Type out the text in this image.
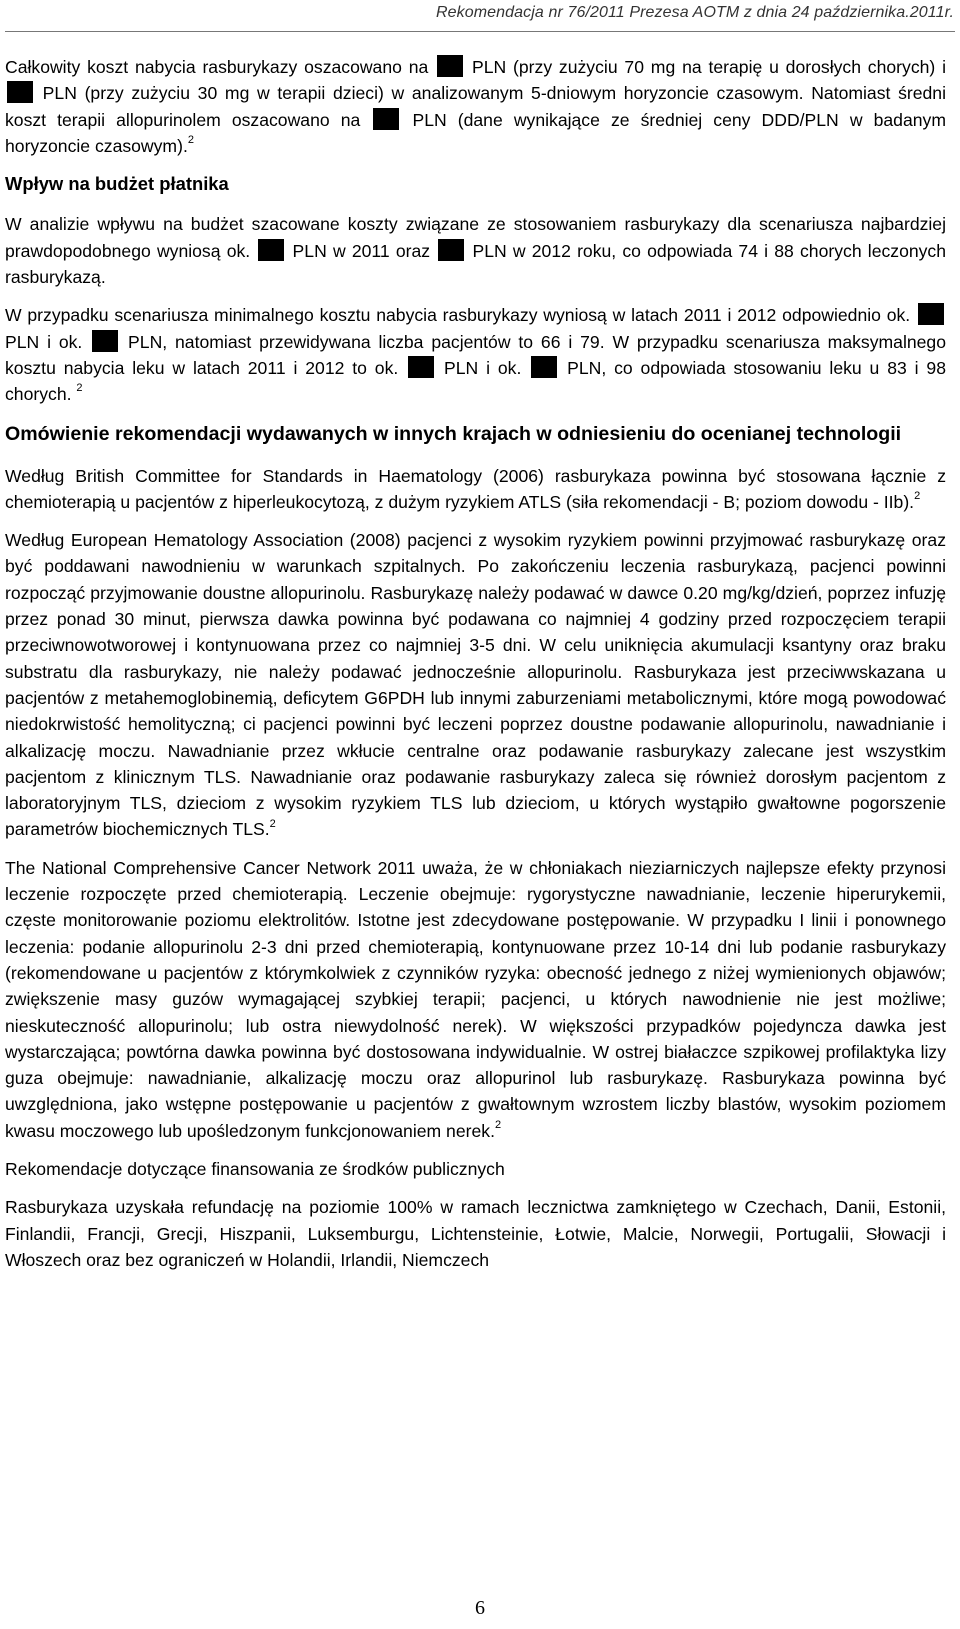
Rekomendacja nr 76/2011 Prezesa AOTM z dnia 24 października.2011r.

Całkowity koszt nabycia rasburykazy oszacowano na PLN (przy zużyciu 70 mg na terapię u dorosłych chorych) i  PLN (przy zużyciu 30 mg w terapii dzieci) w analizowanym 5-dniowym horyzoncie czasowym. Natomiast średni koszt terapii allopurinolem oszacowano na	PLN (dane wynikające ze średniej ceny DDD/PLN w badanym horyzoncie czasowym).$^2$

Wpływ na budżet płatnika

W analizie wpływu na budżet szacowane koszty związane ze stosowaniem rasburykazy dla scenariusza najbardziej prawdopodobnego wyniosą ok. PLN w 2011 oraz PLN w 2012 roku, co odpowiada 74 i 88 chorych leczonych rasburykazą.

W przypadku scenariusza minimalnego kosztu nabycia rasburykazy wyniosą w latach 2011 i 2012 odpowiednio ok.  PLN i ok.	PLN, natomiast przewidywana liczba pacjentów to 66 i 79. W przypadku scenariusza maksymalnego kosztu nabycia leku w latach 2011 i 2012 to ok.	PLN i ok.	PLN, co odpowiada stosowaniu leku u 83 i 98 chorych. $^2$

Omówienie rekomendacji wydawanych w innych krajach w odniesieniu do ocenianej technologii

Według British Committee for Standards in Haematology (2006) rasburykaza powinna być stosowana łącznie z chemioterapią u pacjentów z hiperleukocytozą, z dużym ryzykiem ATLS (siła rekomendacji - B; poziom dowodu - IIb).$^2$

Według European Hematology Association (2008) pacjenci z wysokim ryzykiem powinni przyjmować rasburykazę oraz być poddawani nawodnieniu w warunkach szpitalnych. Po zakończeniu leczenia rasburykazą, pacjenci powinni rozpocząć przyjmowanie doustne allopurinolu. Rasburykazę należy podawać w dawce 0.20 mg/kg/dzień, poprzez infuzję przez ponad 30 minut, pierwsza dawka powinna być podawana co najmniej 4 godziny przed rozpoczęciem terapii przeciwnowotworowej i kontynuowana przez co najmniej 3-5 dni. W celu uniknięcia akumulacji ksantyny oraz braku substratu dla rasburykazy, nie należy podawać jednocześnie allopurinolu. Rasburykaza jest przeciwwskazana u pacjentów z metahemoglobinemią, deficytem G6PDH lub innymi zaburzeniami metabolicznymi, które mogą powodować niedokrwistość hemolityczną; ci pacjenci powinni być leczeni poprzez doustne podawanie allopurinolu, nawadnianie i alkalizację moczu. Nawadnianie przez wkłucie centralne oraz podawanie rasburykazy zalecane jest wszystkim pacjentom z klinicznym TLS. Nawadnianie oraz podawanie rasburykazy zaleca się również dorosłym pacjentom z laboratoryjnym TLS, dzieciom z wysokim ryzykiem TLS lub dzieciom, u których wystąpiło gwałtowne pogorszenie parametrów biochemicznych TLS.$^2$

The National Comprehensive Cancer Network 2011 uważa, że w chłoniakach nieziarniczych najlepsze efekty przynosi leczenie rozpoczęte przed chemioterapią. Leczenie obejmuje: rygorystyczne nawadnianie, leczenie hiperurykemii, częste monitorowanie poziomu elektrolitów. Istotne jest zdecydowane postępowanie. W przypadku I linii i ponownego leczenia: podanie allopurinolu 2-3 dni przed chemioterapią, kontynuowane przez 10-14 dni lub podanie rasburykazy (rekomendowane u pacjentów z którymkolwiek z czynników ryzyka: obecność jednego z niżej wymienionych objawów; zwiększenie masy guzów wymagającej szybkiej terapii; pacjenci, u których nawodnienie nie jest możliwe; nieskuteczność allopurinolu; lub ostra niewydolność nerek). W większości przypadków pojedyncza dawka jest wystarczająca; powtórna dawka powinna być dostosowana indywidualnie. W ostrej białaczce szpikowej profilaktyka lizy guza obejmuje: nawadnianie, alkalizację moczu oraz allopurinol lub rasburykazę. Rasburykaza powinna być uwzględniona, jako wstępne postępowanie u pacjentów z gwałtownym wzrostem liczby blastów, wysokim poziomem kwasu moczowego lub upośledzonym funkcjonowaniem nerek.$^2$

Rekomendacje dotyczące finansowania ze środków publicznych

Rasburykaza uzyskała refundację na poziomie 100% w ramach lecznictwa zamkniętego w Czechach, Danii, Estonii, Finlandii, Francji, Grecji, Hiszpanii, Luksemburgu, Lichtensteinie, Łotwie, Malcie, Norwegii, Portugalii, Słowacji i Włoszech oraz bez ograniczeń w Holandii, Irlandii, Niemczech

6
